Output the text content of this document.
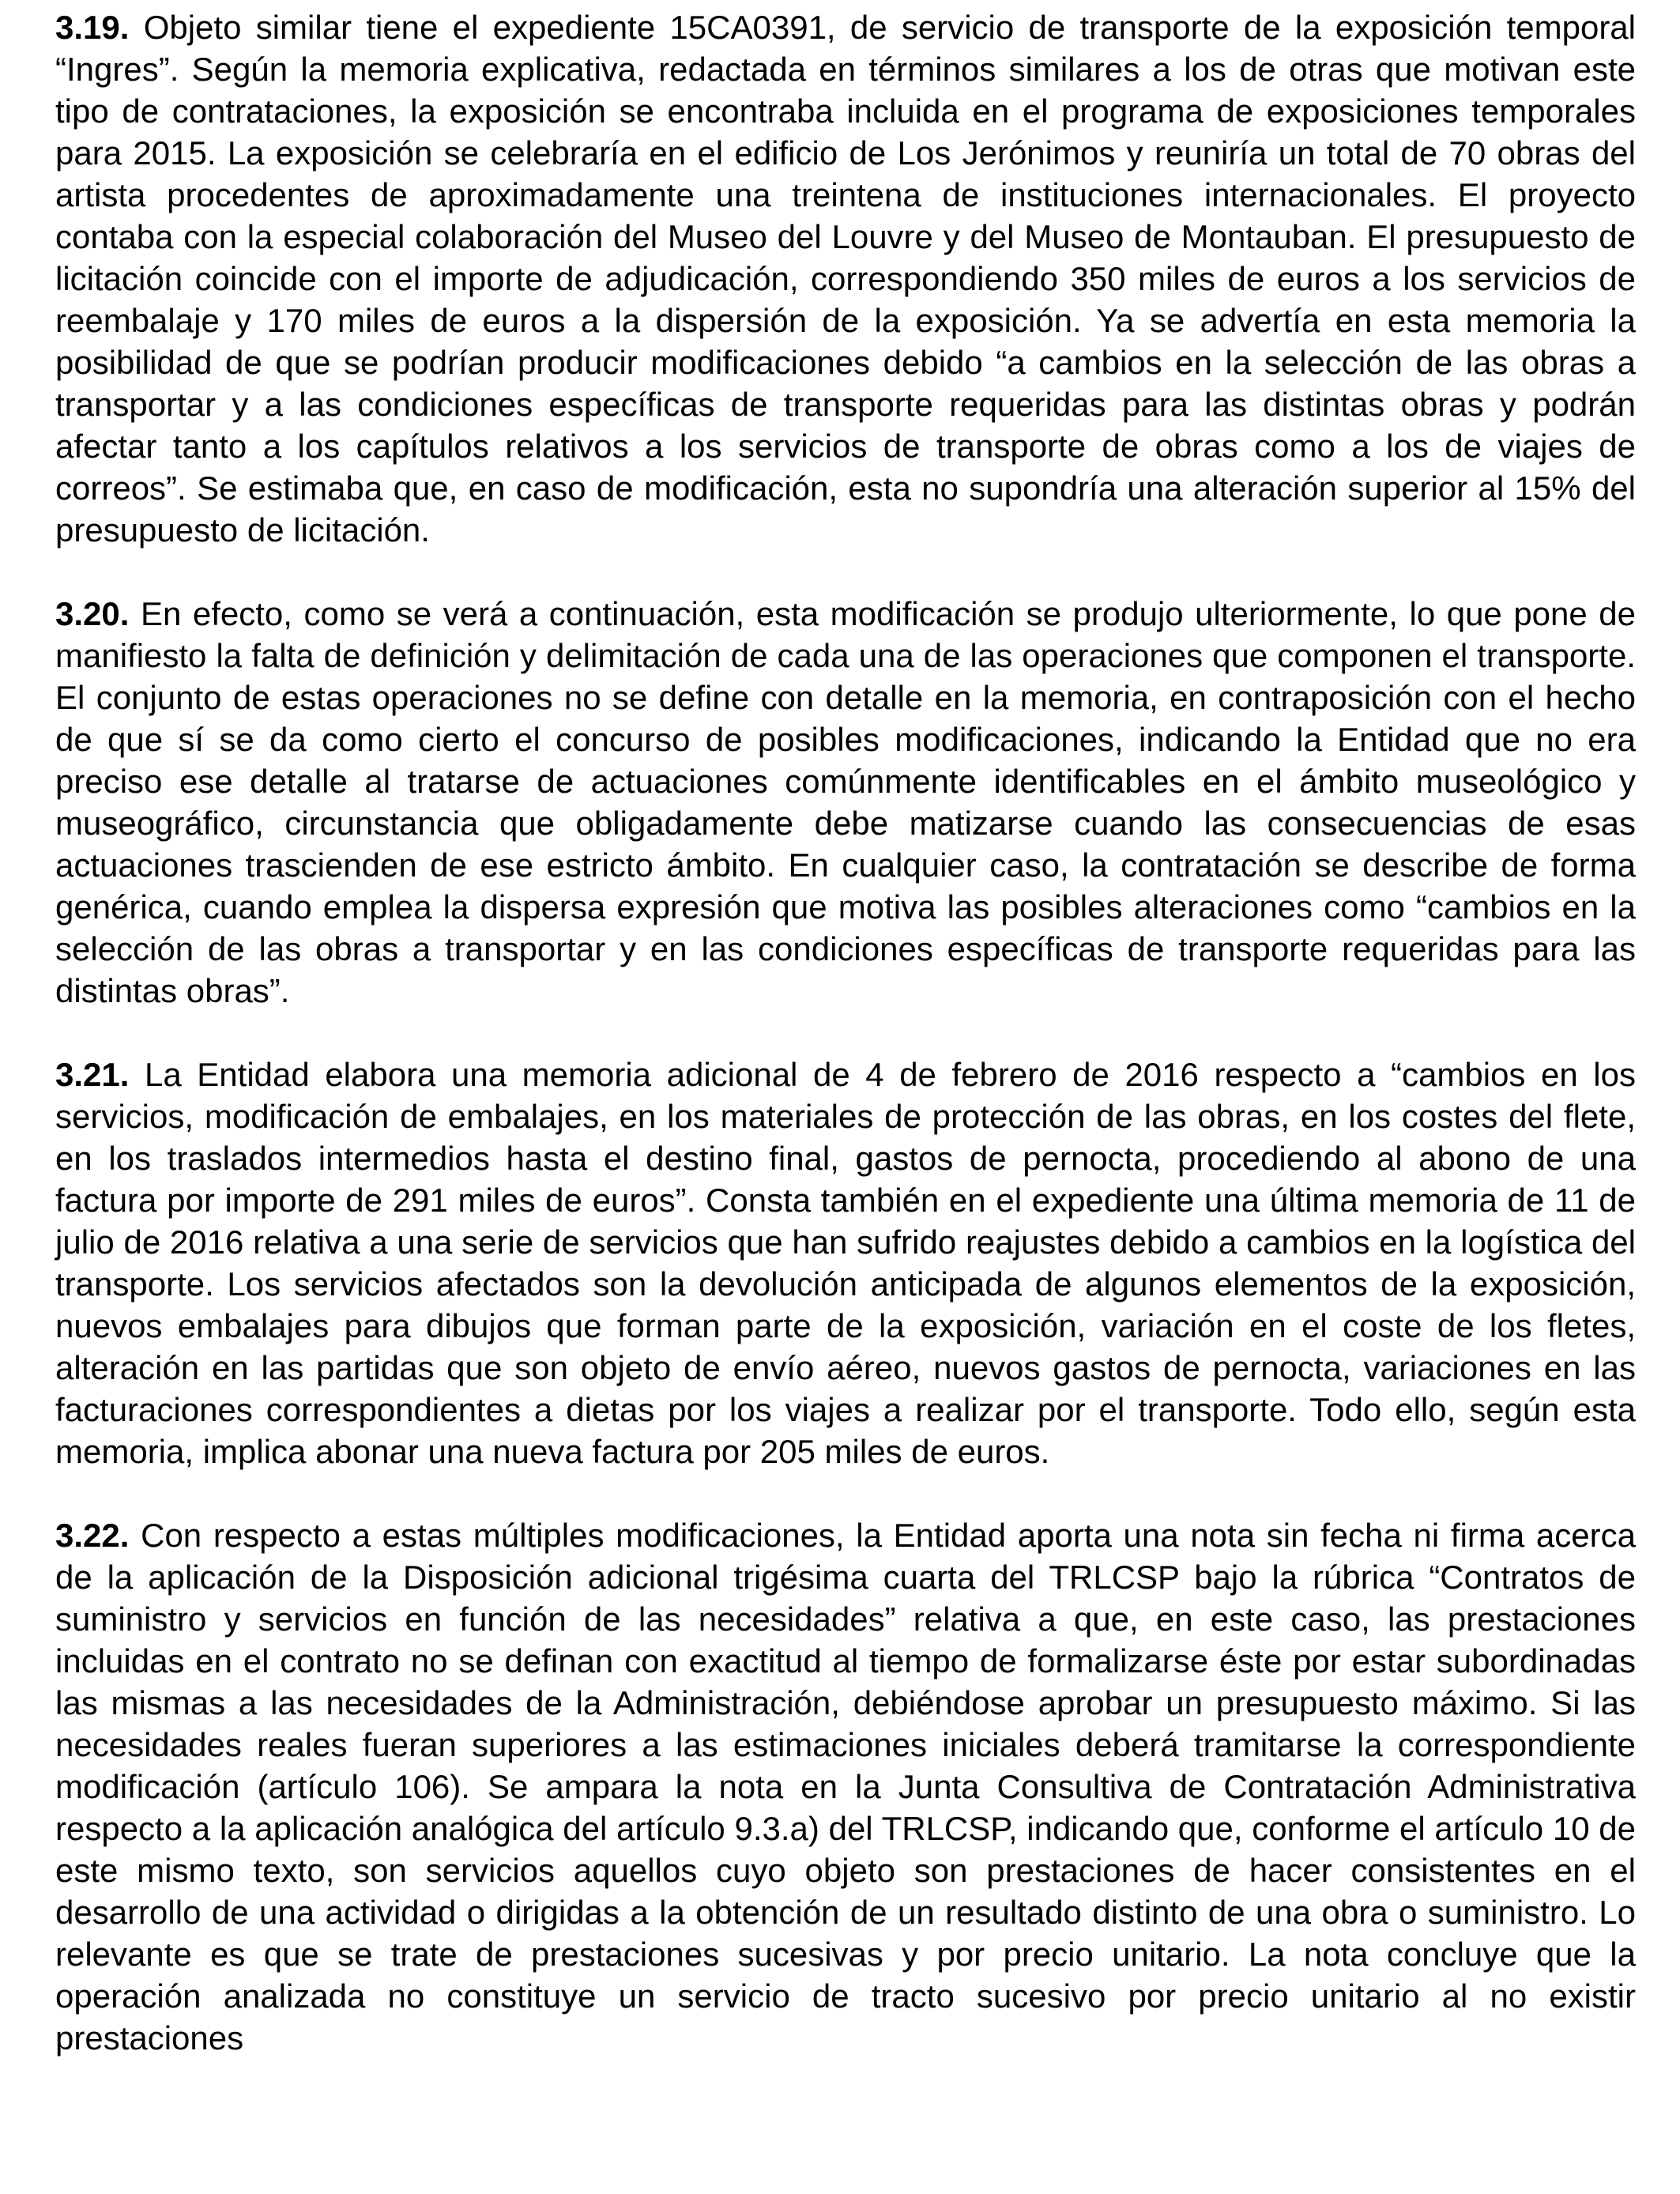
3.19. Objeto similar tiene el expediente 15CA0391, de servicio de transporte de la exposición temporal “Ingres”. Según la memoria explicativa, redactada en términos similares a los de otras que motivan este tipo de contrataciones, la exposición se encontraba incluida en el programa de exposiciones temporales para 2015. La exposición se celebraría en el edificio de Los Jerónimos y reuniría un total de 70 obras del artista procedentes de aproximadamente una treintena de instituciones internacionales. El proyecto contaba con la especial colaboración del Museo del Louvre y del Museo de Montauban. El presupuesto de licitación coincide con el importe de adjudicación, correspondiendo 350 miles de euros a los servicios de reembalaje y 170 miles de euros a la dispersión de la exposición. Ya se advertía en esta memoria la posibilidad de que se podrían producir modificaciones debido “a cambios en la selección de las obras a transportar y a las condiciones específicas de transporte requeridas para las distintas obras y podrán afectar tanto a los capítulos relativos a los servicios de transporte de obras como a los de viajes de correos”. Se estimaba que, en caso de modificación, esta no supondría una alteración superior al 15% del presupuesto de licitación.

3.20. En efecto, como se verá a continuación, esta modificación se produjo ulteriormente, lo que pone de manifiesto la falta de definición y delimitación de cada una de las operaciones que componen el transporte. El conjunto de estas operaciones no se define con detalle en la memoria, en contraposición con el hecho de que sí se da como cierto el concurso de posibles modificaciones, indicando la Entidad que no era preciso ese detalle al tratarse de actuaciones comúnmente identificables en el ámbito museológico y museográfico, circunstancia que obligadamente debe matizarse cuando las consecuencias de esas actuaciones trascienden de ese estricto ámbito. En cualquier caso, la contratación se describe de forma genérica, cuando emplea la dispersa expresión que motiva las posibles alteraciones como “cambios en la selección de las obras a transportar y en las condiciones específicas de transporte requeridas para las distintas obras”.

3.21. La Entidad elabora una memoria adicional de 4 de febrero de 2016 respecto a “cambios en los servicios, modificación de embalajes, en los materiales de protección de las obras, en los costes del flete, en los traslados intermedios hasta el destino final, gastos de pernocta, procediendo al abono de una factura por importe de 291 miles de euros”. Consta también en el expediente una última memoria de 11 de julio de 2016 relativa a una serie de servicios que han sufrido reajustes debido a cambios en la logística del transporte. Los servicios afectados son la devolución anticipada de algunos elementos de la exposición, nuevos embalajes para dibujos que forman parte de la exposición, variación en el coste de los fletes, alteración en las partidas que son objeto de envío aéreo, nuevos gastos de pernocta, variaciones en las facturaciones correspondientes a dietas por los viajes a realizar por el transporte. Todo ello, según esta memoria, implica abonar una nueva factura por 205 miles de euros.

3.22. Con respecto a estas múltiples modificaciones, la Entidad aporta una nota sin fecha ni firma acerca de la aplicación de la Disposición adicional trigésima cuarta del TRLCSP bajo la rúbrica “Contratos de suministro y servicios en función de las necesidades” relativa a que, en este caso, las prestaciones incluidas en el contrato no se definan con exactitud al tiempo de formalizarse éste por estar subordinadas las mismas a las necesidades de la Administración, debiéndose aprobar un presupuesto máximo. Si las necesidades reales fueran superiores a las estimaciones iniciales deberá tramitarse la correspondiente modificación (artículo 106). Se ampara la nota en la Junta Consultiva de Contratación Administrativa respecto a la aplicación analógica del artículo 9.3.a) del TRLCSP, indicando que, conforme el artículo 10 de este mismo texto, son servicios aquellos cuyo objeto son prestaciones de hacer consistentes en el desarrollo de una actividad o dirigidas a la obtención de un resultado distinto de una obra o suministro. Lo relevante es que se trate de prestaciones sucesivas y por precio unitario. La nota concluye que la operación analizada no constituye un servicio de tracto sucesivo por precio unitario al no existir prestaciones
